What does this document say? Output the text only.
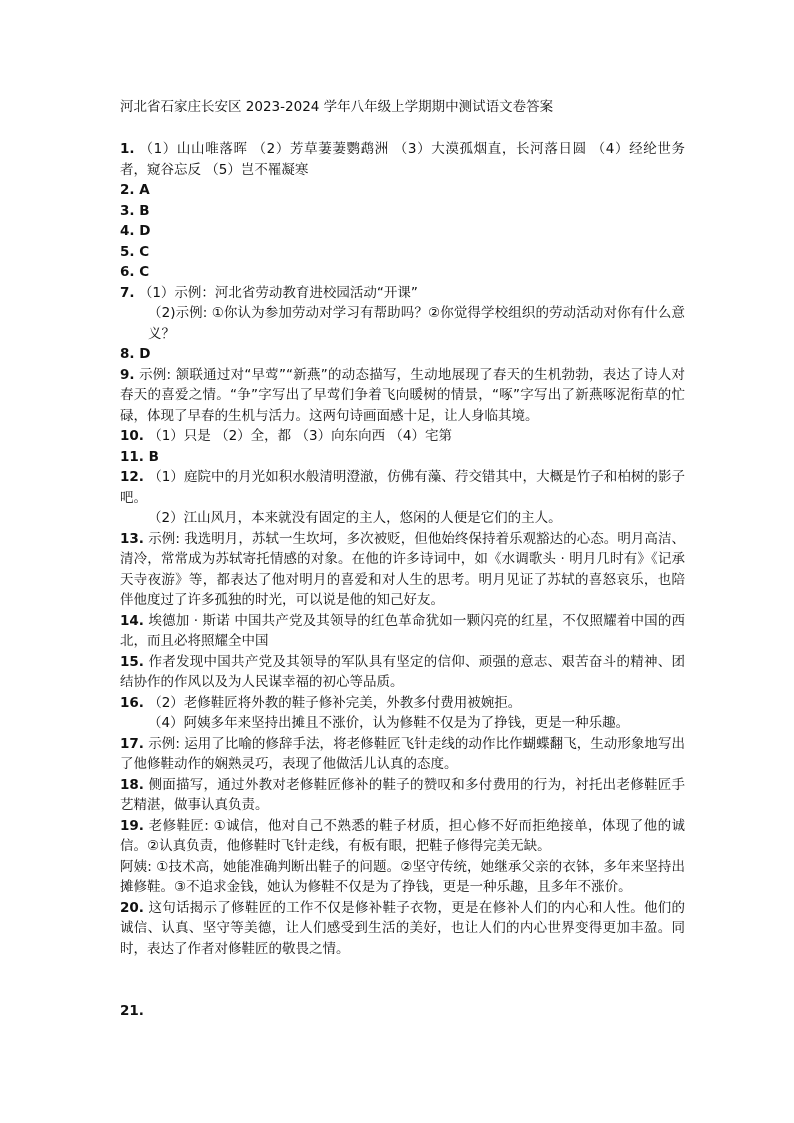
河北省石家庄长安区 2023-2024 学年八年级上学期期中测试语文卷答案

1. （1）山山唯落晖 （2）芳草萋萋鹦鹉洲 （3）大漠孤烟直，长河落日圆 （4）经纶世务者，窥谷忘反 （5）岂不罹凝寒

2. A

3. B

4. D

5. C

6. C

7. （1）示例：河北省劳动教育进校园活动“开课”

（2)示例: ①你认为参加劳动对学习有帮助吗？②你觉得学校组织的劳动活动对你有什么意义？

8. D

9. 示例: 颔联通过对“早莺”“新燕”的动态描写，生动地展现了春天的生机勃勃，表达了诗人对春天的喜爱之情。“争”字写出了早莺们争着飞向暖树的情景，“啄”字写出了新燕啄泥衔草的忙碌，体现了早春的生机与活力。这两句诗画面感十足，让人身临其境。

10. （1）只是 （2）全，都 （3）向东向西 （4）宅第

11. B

12. （1）庭院中的月光如积水般清明澄澈，仿佛有藻、荇交错其中，大概是竹子和柏树的影子吧。

（2）江山风月，本来就没有固定的主人，悠闲的人便是它们的主人。

13. 示例: 我选明月，苏轼一生坎坷，多次被贬，但他始终保持着乐观豁达的心态。明月高洁、清冷，常常成为苏轼寄托情感的对象。在他的许多诗词中，如《水调歌头 · 明月几时有》《记承天寺夜游》等，都表达了他对明月的喜爱和对人生的思考。明月见证了苏轼的喜怒哀乐，也陪伴他度过了许多孤独的时光，可以说是他的知己好友。

14. 埃德加 · 斯诺 中国共产党及其领导的红色革命犹如一颗闪亮的红星，不仅照耀着中国的西北，而且必将照耀全中国

15. 作者发现中国共产党及其领导的军队具有坚定的信仰、顽强的意志、艰苦奋斗的精神、团结协作的作风以及为人民谋幸福的初心等品质。

16. （2）老修鞋匠将外教的鞋子修补完美，外教多付费用被婉拒。

（4）阿姨多年来坚持出摊且不涨价，认为修鞋不仅是为了挣钱，更是一种乐趣。

17. 示例: 运用了比喻的修辞手法，将老修鞋匠飞针走线的动作比作蝴蝶翻飞，生动形象地写出了他修鞋动作的娴熟灵巧，表现了他做活儿认真的态度。

18. 侧面描写，通过外教对老修鞋匠修补的鞋子的赞叹和多付费用的行为，衬托出老修鞋匠手艺精湛，做事认真负责。

19. 老修鞋匠: ①诚信，他对自己不熟悉的鞋子材质，担心修不好而拒绝接单，体现了他的诚信。②认真负责，他修鞋时飞针走线，有板有眼，把鞋子修得完美无缺。

阿姨: ①技术高，她能准确判断出鞋子的问题。②坚守传统，她继承父亲的衣钵，多年来坚持出摊修鞋。③不追求金钱，她认为修鞋不仅是为了挣钱，更是一种乐趣，且多年不涨价。

20. 这句话揭示了修鞋匠的工作不仅是修补鞋子衣物，更是在修补人们的内心和人性。他们的诚信、认真、坚守等美德，让人们感受到生活的美好，也让人们的内心世界变得更加丰盈。同时，表达了作者对修鞋匠的敬畏之情。

21.
